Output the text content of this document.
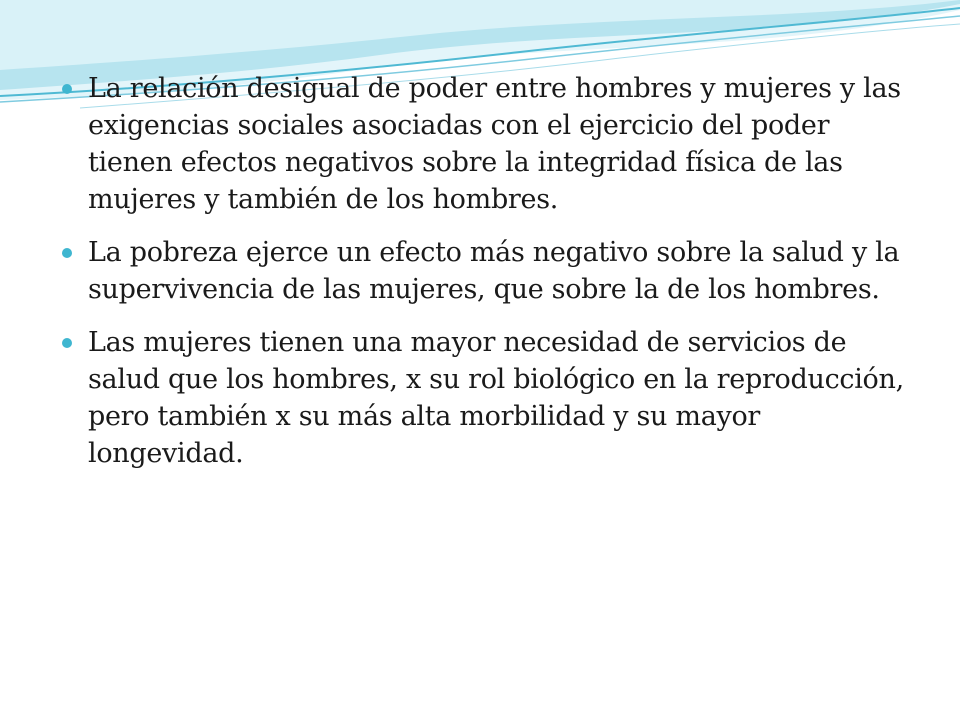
La relación desigual de poder entre hombres y mujeres y las exigencias sociales asociadas con el ejercicio del poder tienen efectos negativos sobre la integridad física de las mujeres y también de los hombres.
La pobreza ejerce un efecto más negativo sobre la salud y la supervivencia de las mujeres, que sobre la de los hombres.
Las mujeres tienen una mayor necesidad de servicios de salud que los hombres, x su rol biológico en la reproducción, pero también x su más alta morbilidad y su mayor longevidad.
